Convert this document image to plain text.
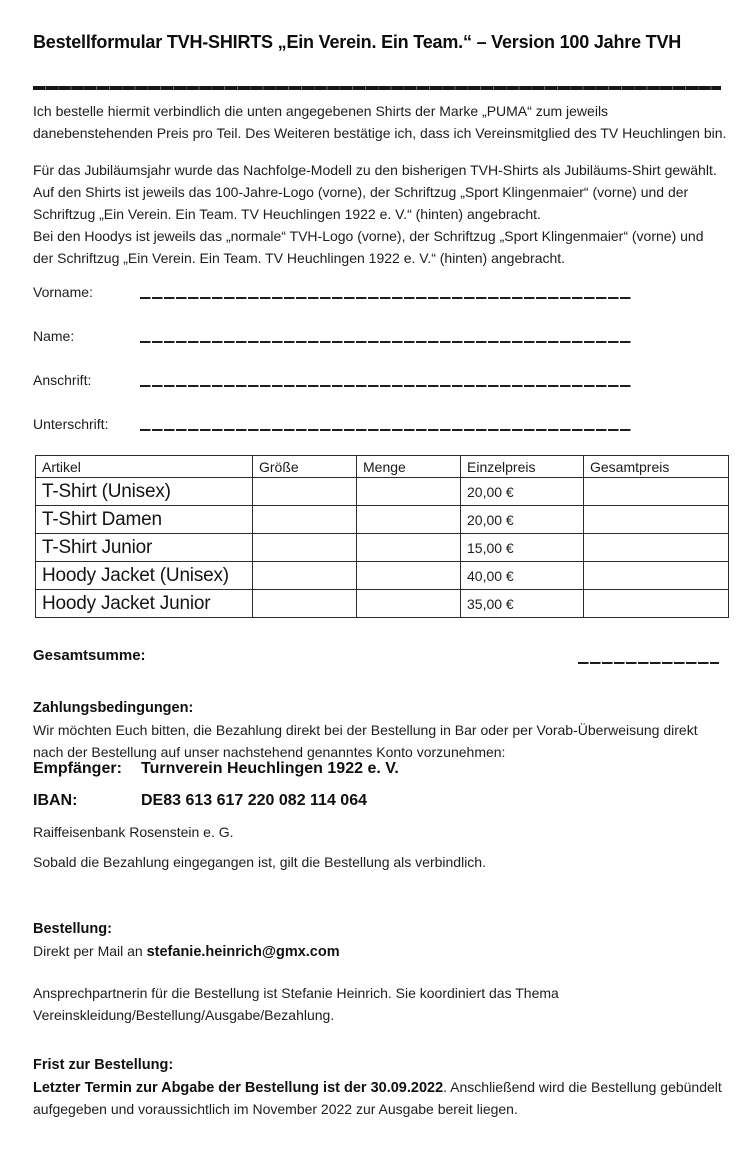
Bestellformular TVH-SHIRTS „Ein Verein. Ein Team.“ – Version 100 Jahre TVH
Ich bestelle hiermit verbindlich die unten angegebenen Shirts der Marke „PUMA“ zum jeweils
danebenstehenden Preis pro Teil. Des Weiteren bestätige ich, dass ich Vereinsmitglied des TV Heuchlingen bin.
Für das Jubiläumsjahr wurde das Nachfolge-Modell zu den bisherigen TVH-Shirts als Jubiläums-Shirt gewählt.
Auf den Shirts ist jeweils das 100-Jahre-Logo (vorne), der Schriftzug „Sport Klingenmaier“ (vorne) und der
Schriftzug „Ein Verein. Ein Team. TV Heuchlingen 1922 e. V.“ (hinten) angebracht.
Bei den Hoodys ist jeweils das „normale“ TVH-Logo (vorne), der Schriftzug „Sport Klingenmaier“ (vorne) und
der Schriftzug „Ein Verein. Ein Team. TV Heuchlingen 1922 e. V.“ (hinten) angebracht.
Vorname:
Name:
Anschrift:
Unterschrift:
Artikel	Größe	Menge	Einzelpreis	Gesamtpreis
T-Shirt (Unisex)			20,00 €	
T-Shirt Damen			20,00 €	
T-Shirt Junior			15,00 €	
Hoody Jacket (Unisex)			40,00 €	
Hoody Jacket Junior			35,00 €	
Gesamtsumme:
Zahlungsbedingungen:
Wir möchten Euch bitten, die Bezahlung direkt bei der Bestellung in Bar oder per Vorab-Überweisung direkt
nach der Bestellung auf unser nachstehend genanntes Konto vorzunehmen:
Empfänger: Turnverein Heuchlingen 1922 e. V.
IBAN:	DE83 613 617 220 082 114 064
Raiffeisenbank Rosenstein e. G.
Sobald die Bezahlung eingegangen ist, gilt die Bestellung als verbindlich.
Bestellung:
Direkt per Mail an stefanie.heinrich@gmx.com
Ansprechpartnerin für die Bestellung ist Stefanie Heinrich. Sie koordiniert das Thema
Vereinskleidung/Bestellung/Ausgabe/Bezahlung.
Frist zur Bestellung:
Letzter Termin zur Abgabe der Bestellung ist der 30.09.2022. Anschließend wird die Bestellung gebündelt
aufgegeben und voraussichtlich im November 2022 zur Ausgabe bereit liegen.
